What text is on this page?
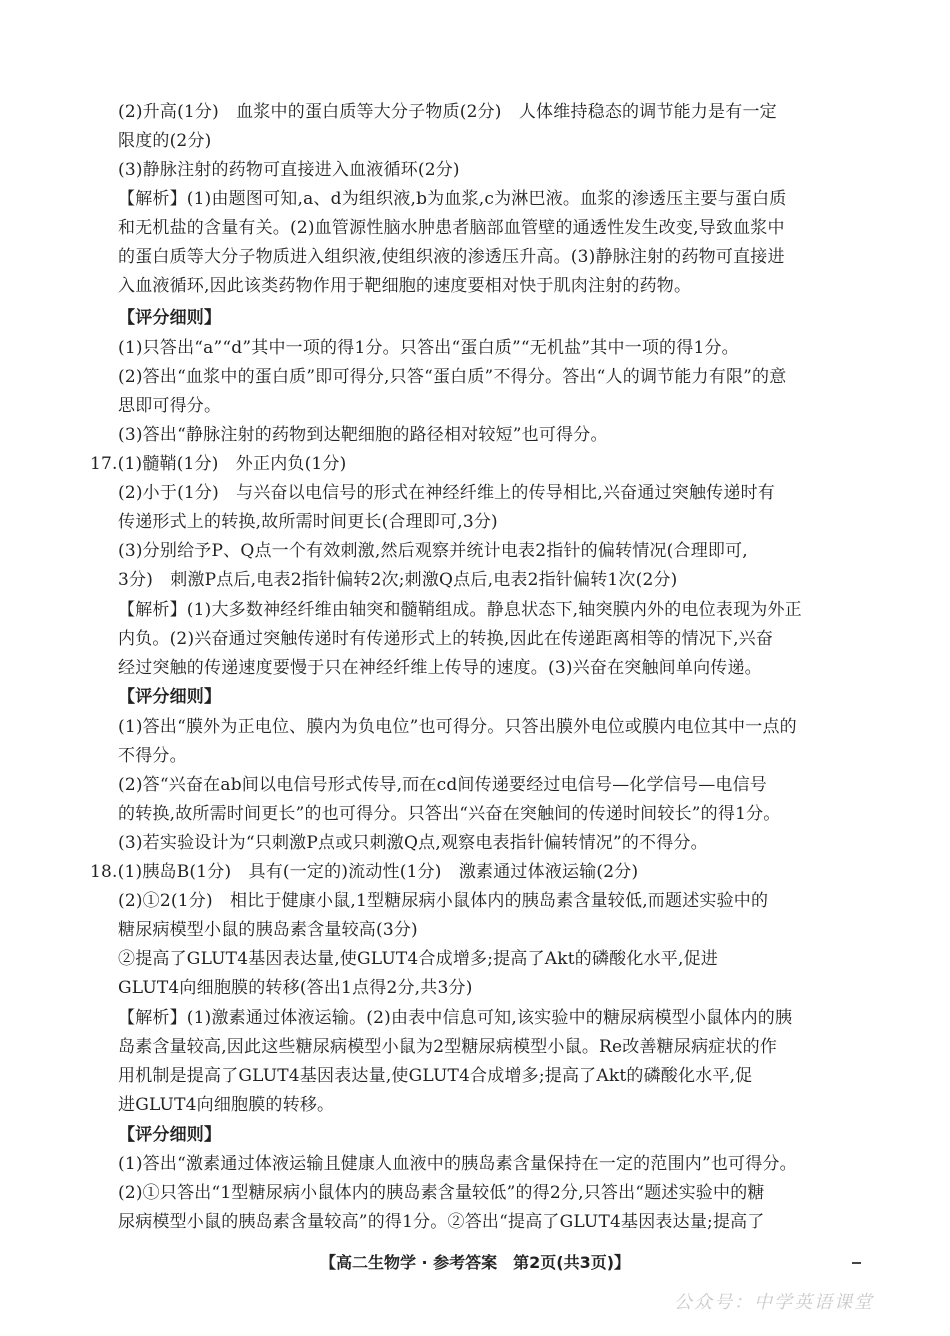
(2)升高(1分)　血浆中的蛋白质等大分子物质(2分)　人体维持稳态的调节能力是有一定
限度的(2分)
(3)静脉注射的药物可直接进入血液循环(2分)
【解析】(1)由题图可知,a、d为组织液,b为血浆,c为淋巴液。血浆的渗透压主要与蛋白质
和无机盐的含量有关。(2)血管源性脑水肿患者脑部血管壁的通透性发生改变,导致血浆中
的蛋白质等大分子物质进入组织液,使组织液的渗透压升高。(3)静脉注射的药物可直接进
入血液循环,因此该类药物作用于靶细胞的速度要相对快于肌肉注射的药物。
【评分细则】
(1)只答出“a”“d”其中一项的得1分。只答出“蛋白质”“无机盐”其中一项的得1分。
(2)答出“血浆中的蛋白质”即可得分,只答“蛋白质”不得分。答出“人的调节能力有限”的意
思即可得分。
(3)答出“静脉注射的药物到达靶细胞的路径相对较短”也可得分。
17.(1)髓鞘(1分)　外正内负(1分)
(2)小于(1分)　与兴奋以电信号的形式在神经纤维上的传导相比,兴奋通过突触传递时有
传递形式上的转换,故所需时间更长(合理即可,3分)
(3)分别给予P、Q点一个有效刺激,然后观察并统计电表2指针的偏转情况(合理即可,
3分)　刺激P点后,电表2指针偏转2次;刺激Q点后,电表2指针偏转1次(2分)
【解析】(1)大多数神经纤维由轴突和髓鞘组成。静息状态下,轴突膜内外的电位表现为外正
内负。(2)兴奋通过突触传递时有传递形式上的转换,因此在传递距离相等的情况下,兴奋
经过突触的传递速度要慢于只在神经纤维上传导的速度。(3)兴奋在突触间单向传递。
【评分细则】
(1)答出“膜外为正电位、膜内为负电位”也可得分。只答出膜外电位或膜内电位其中一点的
不得分。
(2)答“兴奋在ab间以电信号形式传导,而在cd间传递要经过电信号—化学信号—电信号
的转换,故所需时间更长”的也可得分。只答出“兴奋在突触间的传递时间较长”的得1分。
(3)若实验设计为“只刺激P点或只刺激Q点,观察电表指针偏转情况”的不得分。
18.(1)胰岛B(1分)　具有(一定的)流动性(1分)　激素通过体液运输(2分)
(2)①2(1分)　相比于健康小鼠,1型糖尿病小鼠体内的胰岛素含量较低,而题述实验中的
糖尿病模型小鼠的胰岛素含量较高(3分)
②提高了GLUT4基因表达量,使GLUT4合成增多;提高了Akt的磷酸化水平,促进
GLUT4向细胞膜的转移(答出1点得2分,共3分)
【解析】(1)激素通过体液运输。(2)由表中信息可知,该实验中的糖尿病模型小鼠体内的胰
岛素含量较高,因此这些糖尿病模型小鼠为2型糖尿病模型小鼠。Re改善糖尿病症状的作
用机制是提高了GLUT4基因表达量,使GLUT4合成增多;提高了Akt的磷酸化水平,促
进GLUT4向细胞膜的转移。
【评分细则】
(1)答出“激素通过体液运输且健康人血液中的胰岛素含量保持在一定的范围内”也可得分。
(2)①只答出“1型糖尿病小鼠体内的胰岛素含量较低”的得2分,只答出“题述实验中的糖
尿病模型小鼠的胰岛素含量较高”的得1分。②答出“提高了GLUT4基因表达量;提高了
【高二生物学 · 参考答案　第2页(共3页)】
公众号：中学英语课堂
